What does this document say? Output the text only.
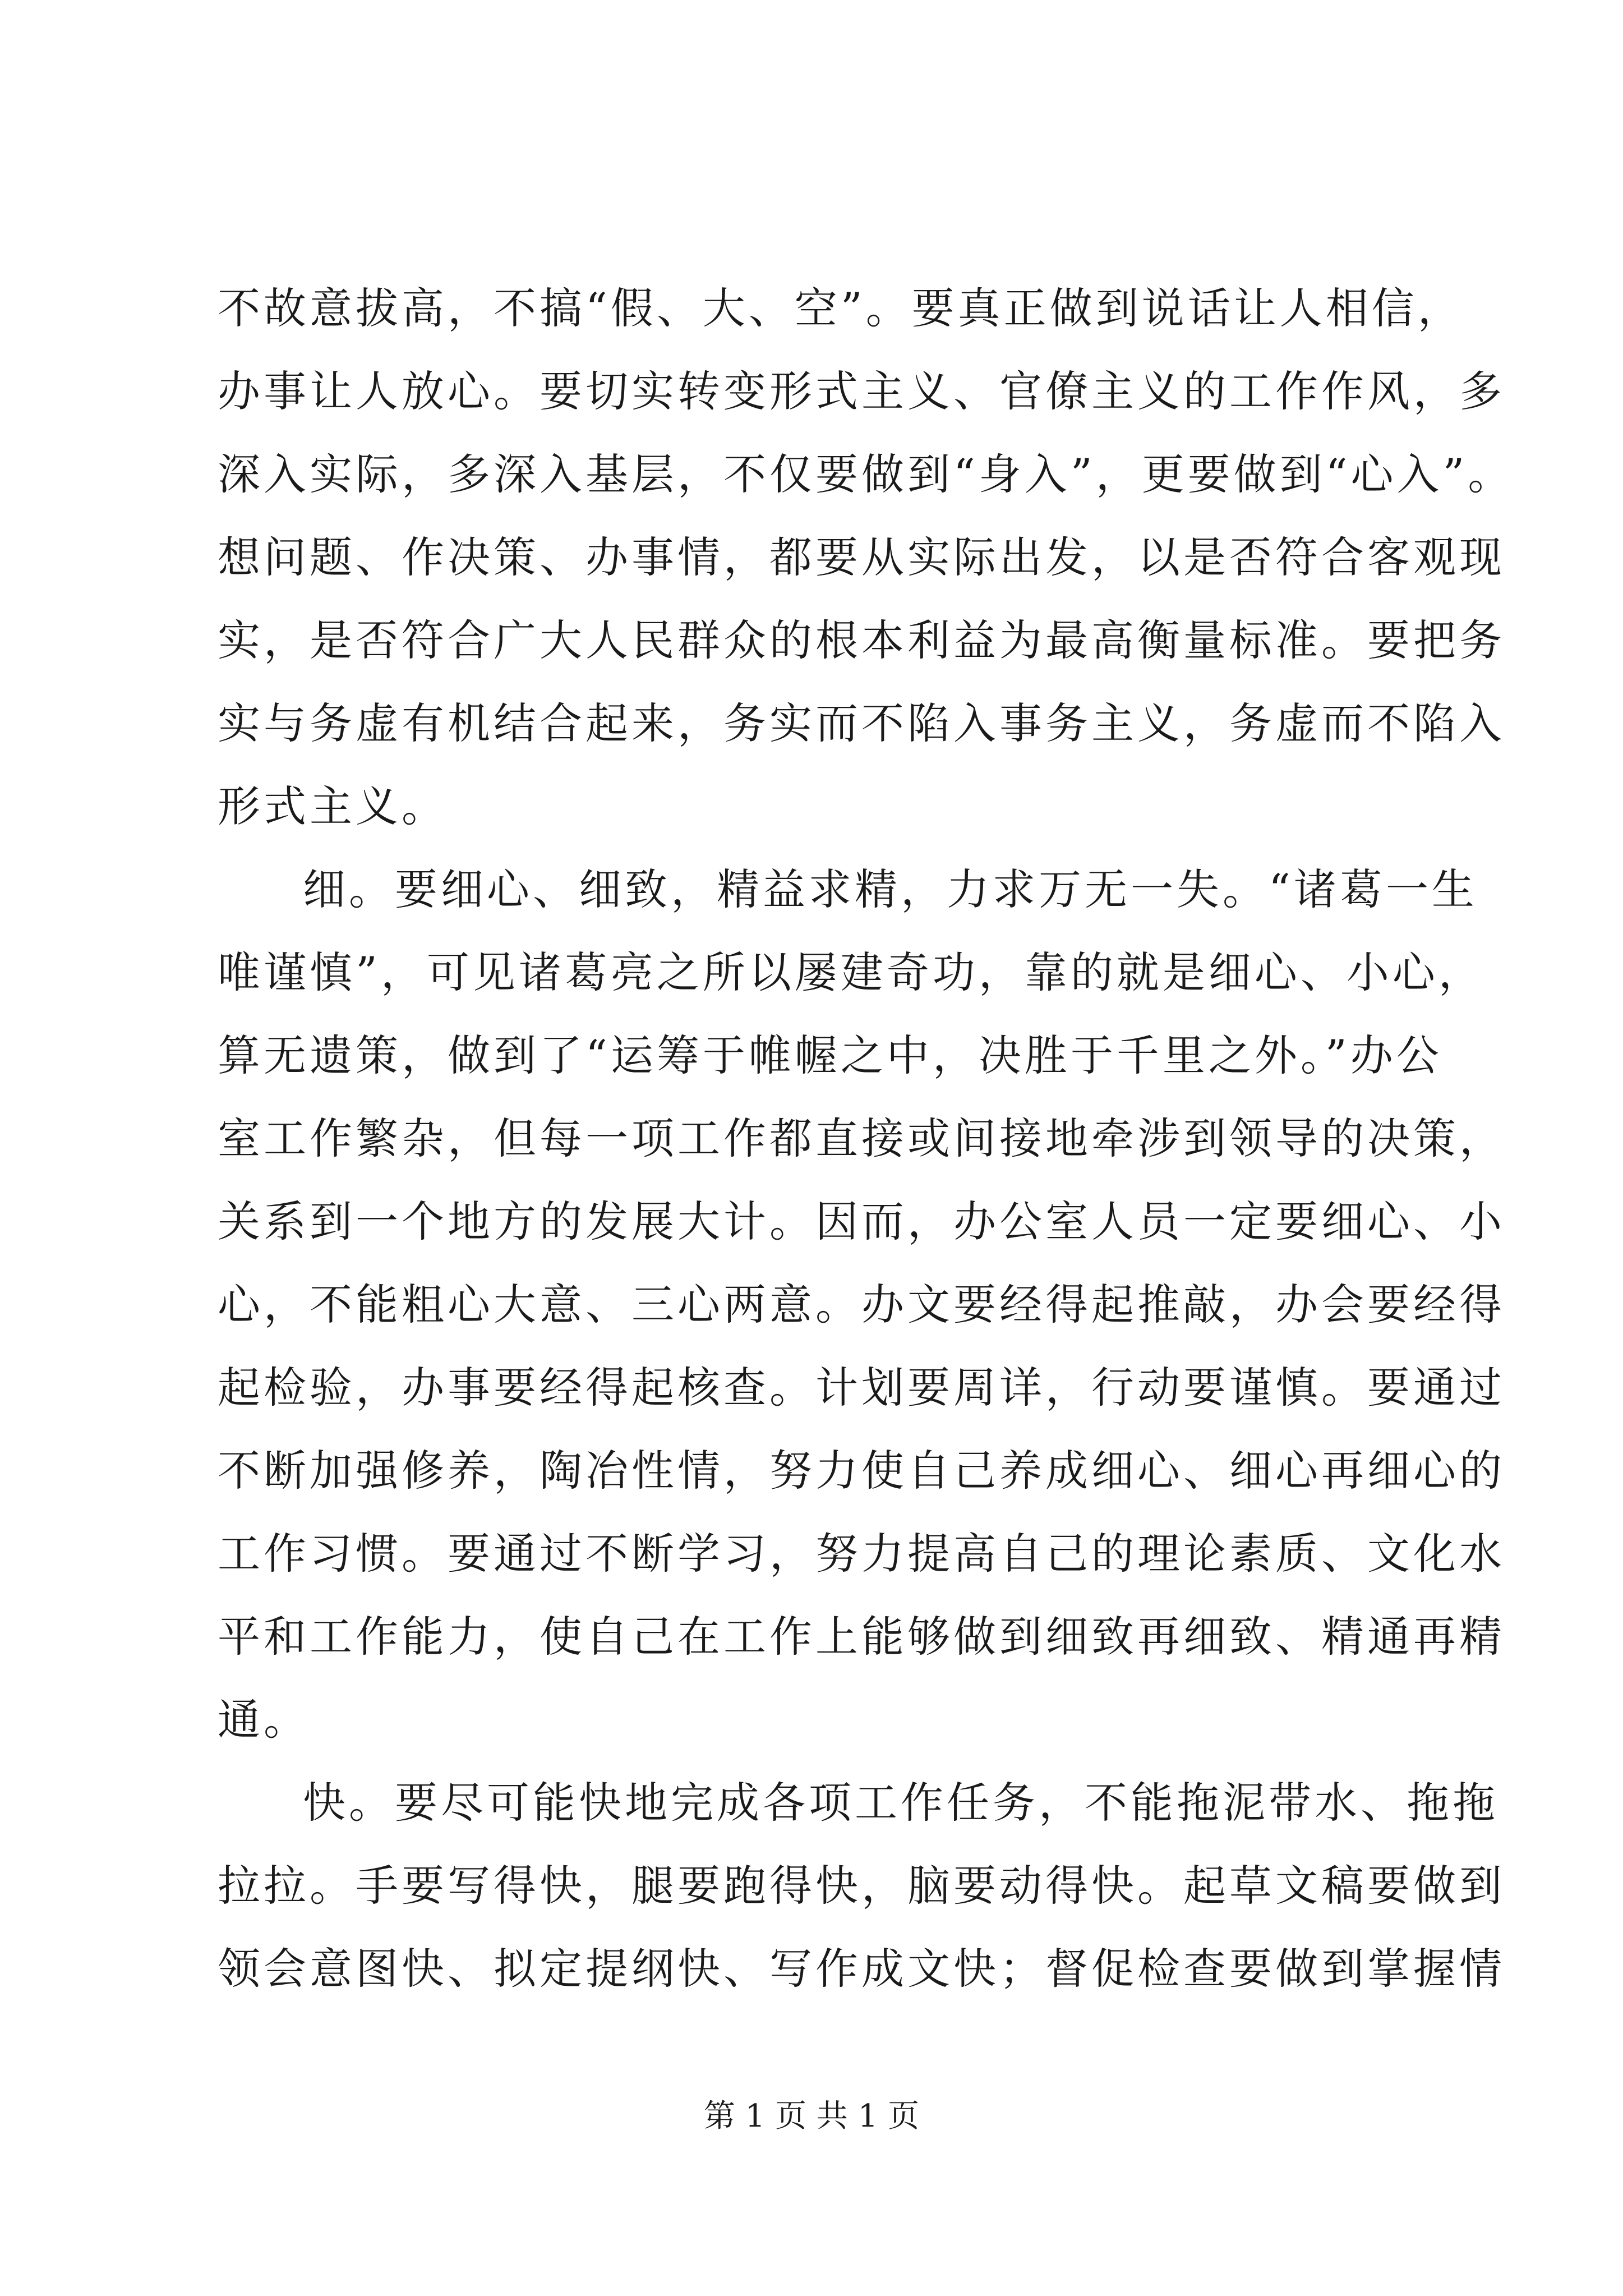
不故意拔高，不搞“假、大、空”。要真正做到说话让人相信，
办事让人放心。要切实转变形式主义、官僚主义的工作作风，多
深入实际，多深入基层，不仅要做到“身入”，更要做到“心入”。
想问题、作决策、办事情，都要从实际出发，以是否符合客观现
实，是否符合广大人民群众的根本利益为最高衡量标准。要把务
实与务虚有机结合起来，务实而不陷入事务主义，务虚而不陷入
形式主义。
细。要细心、细致，精益求精，力求万无一失。“诸葛一生
唯谨慎”，可见诸葛亮之所以屡建奇功，靠的就是细心、小心，
算无遗策，做到了“运筹于帷幄之中，决胜于千里之外。”办公
室工作繁杂，但每一项工作都直接或间接地牵涉到领导的决策，
关系到一个地方的发展大计。因而，办公室人员一定要细心、小
心，不能粗心大意、三心两意。办文要经得起推敲，办会要经得
起检验，办事要经得起核查。计划要周详，行动要谨慎。要通过
不断加强修养，陶冶性情，努力使自己养成细心、细心再细心的
工作习惯。要通过不断学习，努力提高自己的理论素质、文化水
平和工作能力，使自己在工作上能够做到细致再细致、精通再精
通。
快。要尽可能快地完成各项工作任务，不能拖泥带水、拖拖
拉拉。手要写得快，腿要跑得快，脑要动得快。起草文稿要做到
领会意图快、拟定提纲快、写作成文快；督促检查要做到掌握情
第 1 页 共 1 页
